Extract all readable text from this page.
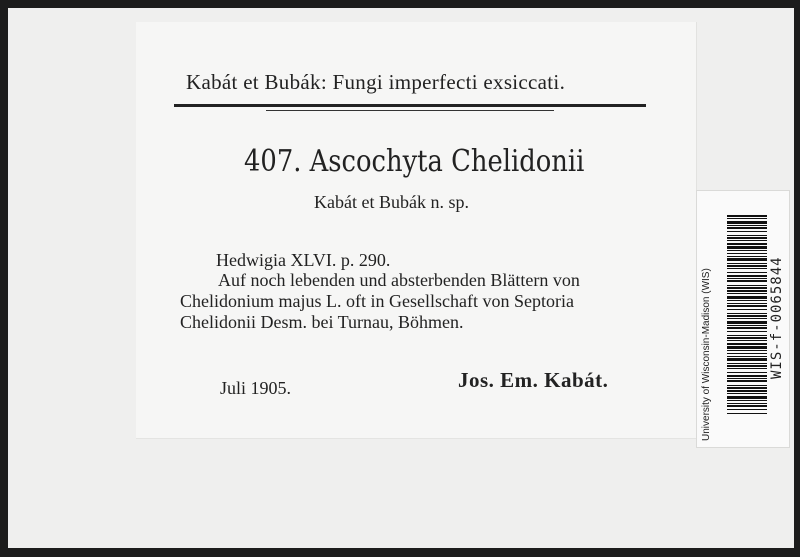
Kabát et Bubák: Fungi imperfecti exsiccati.
407. Ascochyta Chelidonii
Kabát et Bubák n. sp.
Hedwigia XLVI. p. 290.
Auf noch lebenden und absterbenden Blättern von
Chelidonium majus L. oft in Gesellschaft von Septoria
Chelidonii Desm. bei Turnau, Böhmen.
Juli 1905.	Jos. Em. Kabát.	University of Wisconsin-Madison (WIS)	WIS-f-0065844
